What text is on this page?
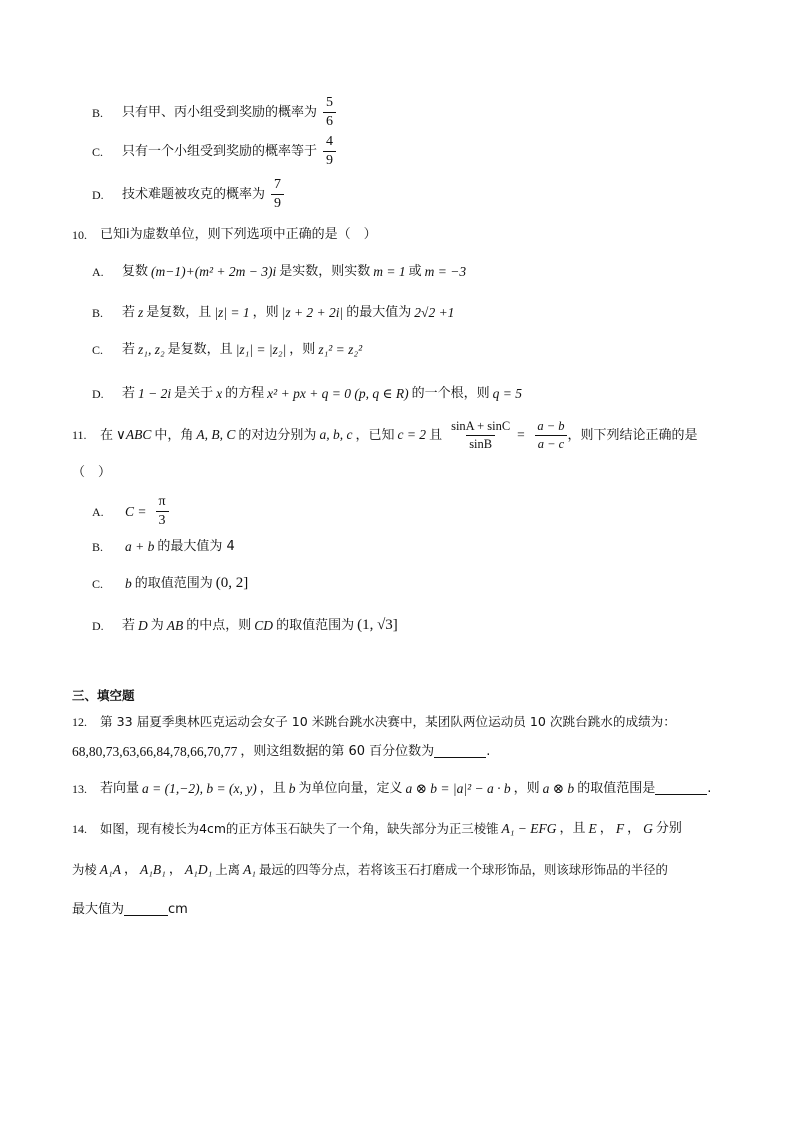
B.	只有甲、丙小组受到奖励的概率为 $\frac{5}{6}$
C.	只有一个小组受到奖励的概率等于 $\frac{4}{9}$
D.	技术难题被攻克的概率为 $\frac{7}{9}$
10.	已知i为虚数单位，则下列选项中正确的是（　）
A.	复数 (m−1)+(m² + 2m − 3)i 是实数，则实数 m = 1 或 m = −3
B.	若 z 是复数，且 |z| = 1 ，则 |z + 2 + 2i| 的最大值为 2√2 +1
C.	若 z₁, z₂ 是复数，且 |z₁| = |z₂| ，则 z₁² = z₂²
D.	若 1 − 2i 是关于 x 的方程 x² + px + q = 0 (p, q ∈ R) 的一个根，则 q = 5
11.	在 ∨ABC 中，角 A, B, C 的对边分别为 a, b, c ，已知 c = 2 且 $\frac{\sin A + \sin C}{\sin B} = \frac{a - b}{a - c}$ ，则下列结论正确的是
（　）
A.	$C = \frac{\pi}{3}$
B.	a + b 的最大值为 4
C.	b 的取值范围为 (0, 2]
D.	若 D 为 AB 的中点，则 CD 的取值范围为 (1, √3]
三、填空题
12.	第 33 届夏季奥林匹克运动会女子 10 米跳台跳水决赛中，某团队两位运动员 10 次跳台跳水的成绩为：
68,80,73,63,66,84,78,66,70,77 ，则这组数据的第 60 百分位数为	.
13.	若向量 a = (1,−2), b = (x, y) ，且 b 为单位向量，定义 a ⊗ b = |a|² − a · b ，则 a ⊗ b 的取值范围是	.
14.	如图，现有棱长为4cm的正方体玉石缺失了一个角，缺失部分为正三棱锥 A₁ − EFG ，且 E ， F ， G 分别
为棱 A₁A ， A₁B₁ ， A₁D₁ 上离 A₁ 最远的四等分点，若将该玉石打磨成一个球形饰品，则该球形饰品的半径的
最大值为	cm
